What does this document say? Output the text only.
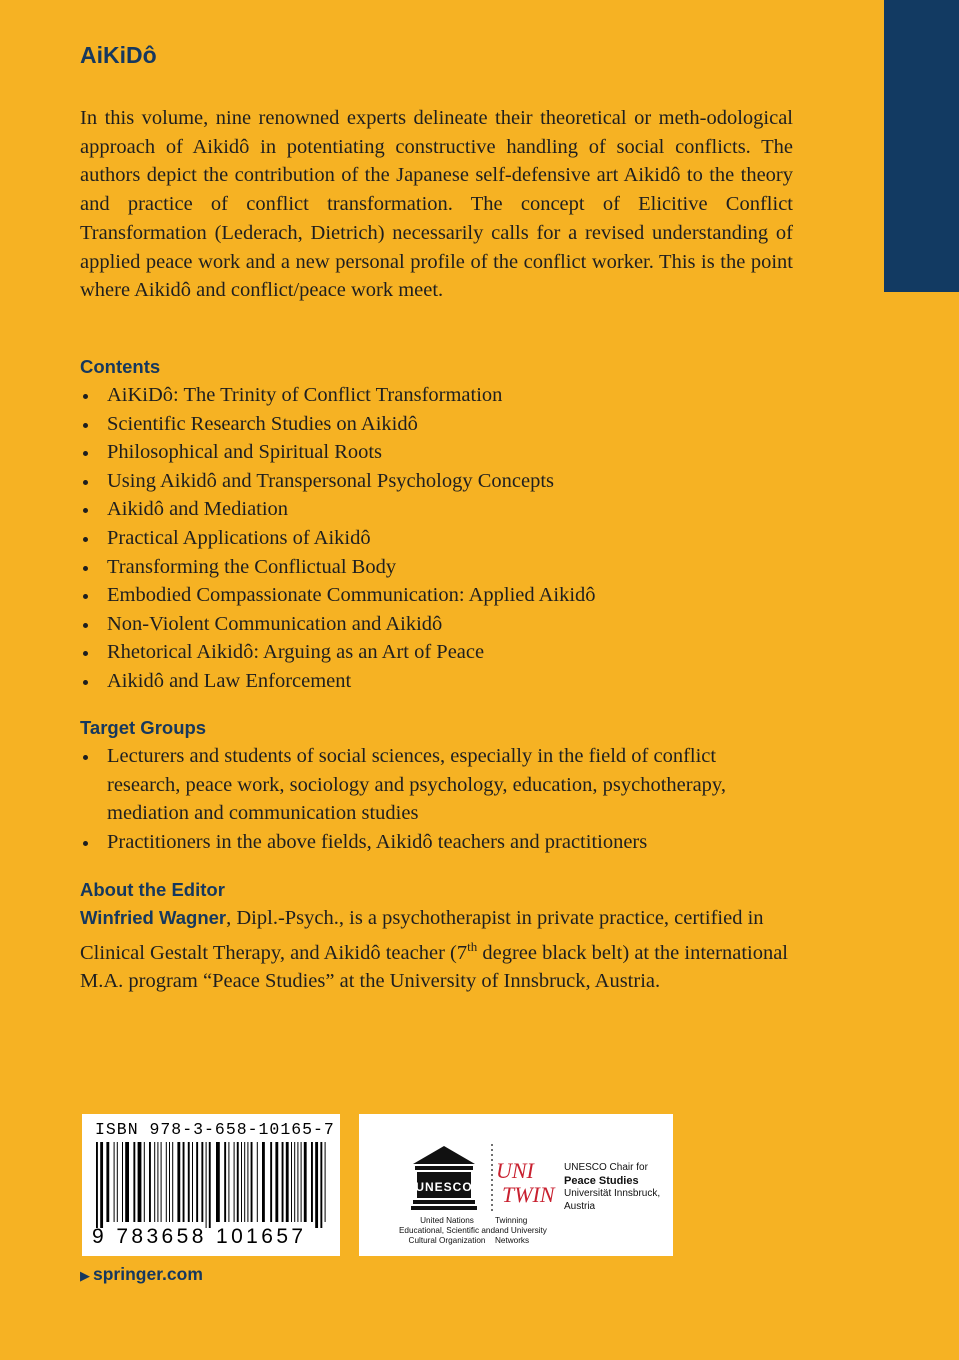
AiKiDô

In this volume, nine renowned experts delineate their theoretical or meth-odological approach of Aikidô in potentiating constructive handling of social conflicts. The authors depict the contribution of the Japanese self-defensive art Aikidô to the theory and practice of conflict transformation. The concept of Elicitive Conflict Transformation (Lederach, Dietrich) necessarily calls for a revised understanding of applied peace work and a new personal profile of the conflict worker. This is the point where Aikidô and conflict/peace work meet.

Contents
AiKiDô: The Trinity of Conflict Transformation
Scientific Research Studies on Aikidô
Philosophical and Spiritual Roots
Using Aikidô and Transpersonal Psychology Concepts
Aikidô and Mediation
Practical Applications of Aikidô
Transforming the Conflictual Body
Embodied Compassionate Communication: Applied Aikidô
Non-Violent Communication and Aikidô
Rhetorical Aikidô: Arguing as an Art of Peace
Aikidô and Law Enforcement
Target Groups
Lecturers and students of social sciences, especially in the field of conflict research, peace work, sociology and psychology, education, psychotherapy, mediation and communication studies
Practitioners in the above fields, Aikidô teachers and practitioners
About the Editor

Winfried Wagner, Dipl.-Psych., is a psychotherapist in private practice, certified in Clinical Gestalt Therapy, and Aikidô teacher (7th degree black belt) at the international M.A. program “Peace Studies” at the University of Innsbruck, Austria.

ISBN 978-3-658-10165-7
9 783658 101657
UNESCO
United Nations
Educational, Scientific and
Cultural Organization
UNI
TWIN
Twinning
and University
Networks
UNESCO Chair for
Peace Studies
Universität Innsbruck,
Austria
▶ springer.com
